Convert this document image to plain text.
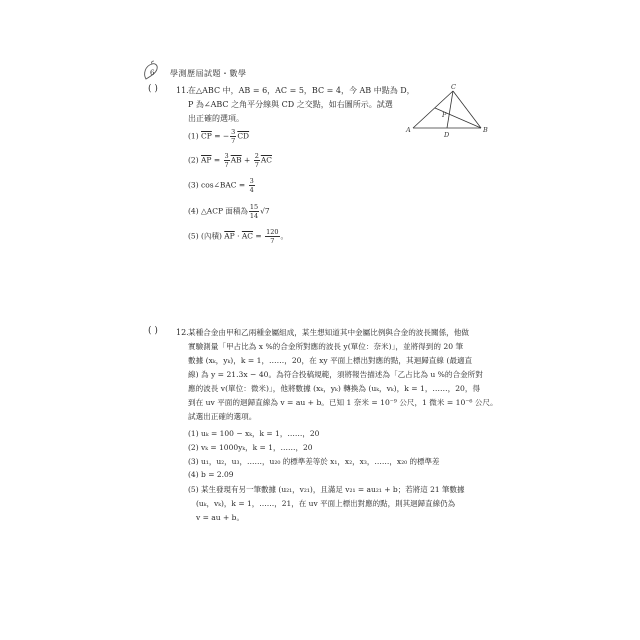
6 學測歷屆試題・數學
( ) 11. 在△ABC 中，AB = 6，AC = 5，BC = 4，今 AB 中點為 D，
P 為∠ABC 之角平分線與 CD 之交點，如右圖所示。試選
出正確的選項。
(1) $\overline{CP}$ = − $\frac{3}{7} \overline{CD}$
(2) $\overline{AP} = \frac{3}{7} \overline{AB} + \frac{2}{7} \overline{AC}$
(3) cos∠BAC = $\frac{3}{4}$
(4) △ACP 面積為 $\frac{15}{14} √7$
(5) (內積) $\overline{AP} \cdot \overline{AC} = \frac{120}{7}$ 。
A	B
C
D
P
( ) 12. 某種合金由甲和乙兩種金屬組成，某生想知道其中金屬比例與合金的波長關係，他做
實驗測量「甲占比為 x %的合金所對應的波長 y(單位：奈米)」，並將得到的 20 筆
數據 (xₖ，yₖ)，k = 1，……，20，在 xy 平面上標出對應的點，其迴歸直線 (最適直
線) 為 y = 21.3x − 40。為符合投稿規範，須將報告描述為「乙占比為 u %的合金所對
應的波長 v(單位：微米)」，他將數據 (xₖ，yₖ) 轉換為 (uₖ，vₖ)，k = 1，……，20，得
到在 uv 平面的迴歸直線為 v = au + b。已知 1 奈米 = 10⁻⁹ 公尺，1 微米 = 10⁻⁶ 公尺。
試選出正確的選項。
(1) uₖ = 100 − xₖ，k = 1，……，20
(2) vₖ = 1000yₖ，k = 1，……，20
(3) u₁，u₂，u₃，……，u₂₀ 的標準差等於 x₁，x₂，x₃，……，x₂₀ 的標準差
(4) b = 2.09
(5) 某生發現有另一筆數據 (u₂₁，v₂₁)，且滿足 v₂₁ = au₂₁ + b；若將這 21 筆數據
(uₖ，vₖ)，k = 1，……，21，在 uv 平面上標出對應的點，則其迴歸直線仍為
v = au + b。
